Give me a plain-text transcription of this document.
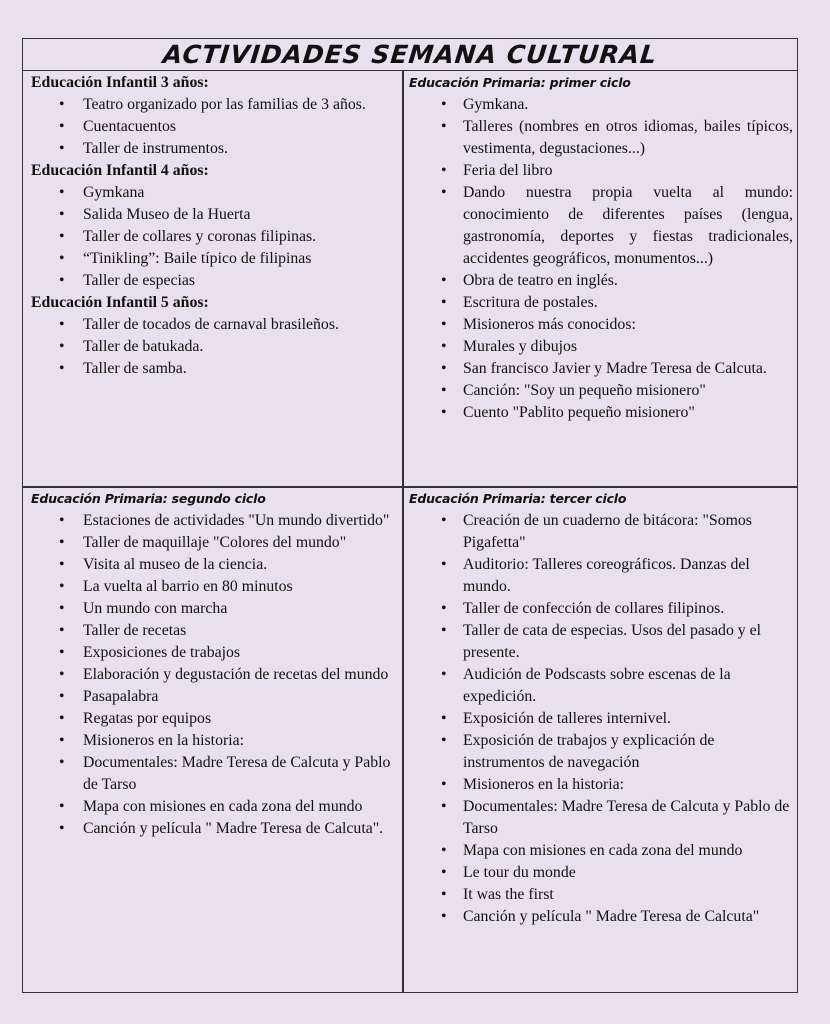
ACTIVIDADES SEMANA CULTURAL
Educación Infantil 3 años:
• Teatro organizado por las familias de 3 años.
• Cuentacuentos
• Taller de instrumentos.
Educación Infantil 4 años:
• Gymkana
• Salida Museo de la Huerta
• Taller de collares y coronas filipinas.
• “Tinikling”: Baile típico de filipinas
• Taller de especias
Educación Infantil 5 años:
• Taller de tocados de carnaval brasileños.
• Taller de batukada.
• Taller de samba.
Educación Primaria: primer ciclo
• Gymkana.
• Talleres (nombres en otros idiomas, bailes típicos, vestimenta, degustaciones...)
• Feria del libro
• Dando nuestra propia vuelta al mundo: conocimiento de diferentes países (lengua, gastronomía, deportes y fiestas tradicionales, accidentes geográficos, monumentos...)
• Obra de teatro en inglés.
• Escritura de postales.
• Misioneros más conocidos:
• Murales y dibujos
• San francisco Javier y Madre Teresa de Calcuta.
• Canción: "Soy un pequeño misionero"
• Cuento "Pablito pequeño misionero"
Educación Primaria: segundo ciclo
• Estaciones de actividades "Un mundo divertido"
• Taller de maquillaje "Colores del mundo"
• Visita al museo de la ciencia.
• La vuelta al barrio en 80 minutos
• Un mundo con marcha
• Taller de recetas
• Exposiciones de trabajos
• Elaboración y degustación de recetas del mundo
• Pasapalabra
• Regatas por equipos
• Misioneros en la historia:
• Documentales: Madre Teresa de Calcuta y Pablo de Tarso
• Mapa con misiones en cada zona del mundo
• Canción y película " Madre Teresa de Calcuta".
Educación Primaria: tercer ciclo
• Creación de un cuaderno de bitácora: "Somos Pigafetta"
• Auditorio: Talleres coreográficos. Danzas del mundo.
• Taller de confección de collares filipinos.
• Taller de cata de especias. Usos del pasado y el presente.
• Audición de Podscasts sobre escenas de la expedición.
• Exposición de talleres internivel.
• Exposición de trabajos y explicación de instrumentos de navegación
• Misioneros en la historia:
• Documentales: Madre Teresa de Calcuta y Pablo de Tarso
• Mapa con misiones en cada zona del mundo
• Le tour du monde
• It was the first
• Canción y película " Madre Teresa de Calcuta"
